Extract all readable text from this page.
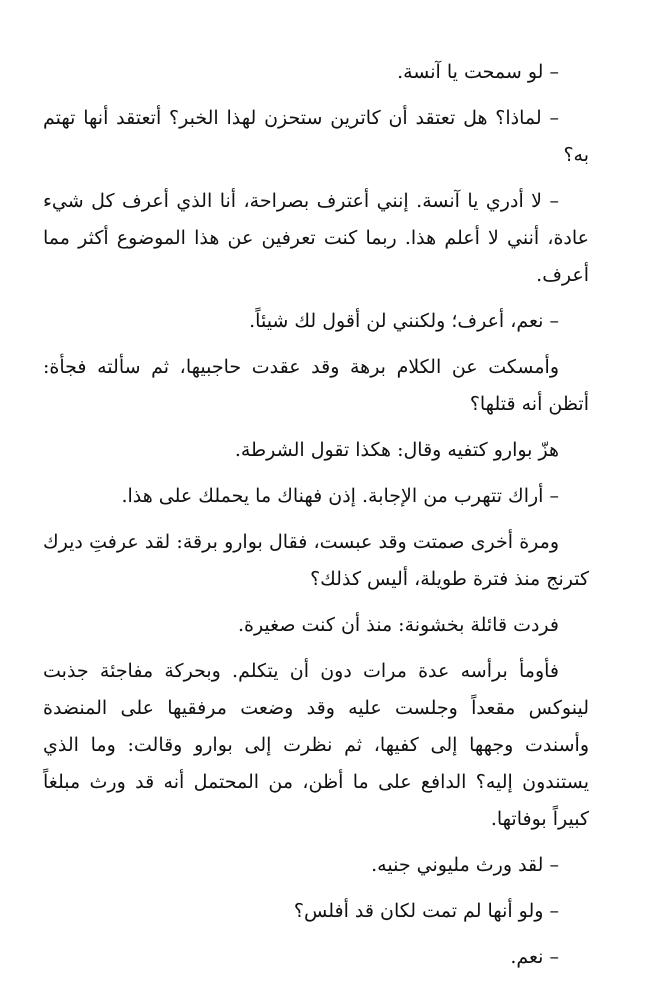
– لو سمحت يا آنسة.

– لماذا؟ هل تعتقد أن كاترين ستحزن لهذا الخبر؟ أتعتقد أنها تهتم به؟

– لا أدري يا آنسة. إنني أعترف بصراحة، أنا الذي أعرف كل شيء عادة، أنني لا أعلم هذا. ربما كنت تعرفين عن هذا الموضوع أكثر مما أعرف.

– نعم، أعرف؛ ولكنني لن أقول لك شيئاً.

وأمسكت عن الكلام برهة وقد عقدت حاجبيها، ثم سألته فجأة: أتظن أنه قتلها؟

هزّ بوارو كتفيه وقال: هكذا تقول الشرطة.

– أراك تتهرب من الإجابة. إذن فهناك ما يحملك على هذا.

ومرة أخرى صمتت وقد عبست، فقال بوارو برقة: لقد عرفتِ ديرك كترنج منذ فترة طويلة، أليس كذلك؟

فردت قائلة بخشونة: منذ أن كنت صغيرة.

فأومأ برأسه عدة مرات دون أن يتكلم. وبحركة مفاجئة جذبت لينوكس مقعداً وجلست عليه وقد وضعت مرفقيها على المنضدة وأسندت وجهها إلى كفيها، ثم نظرت إلى بوارو وقالت: وما الذي يستندون إليه؟ الدافع على ما أظن، من المحتمل أنه قد ورث مبلغاً كبيراً بوفاتها.

– لقد ورث مليوني جنيه.

– ولو أنها لم تمت لكان قد أفلس؟

– نعم.
